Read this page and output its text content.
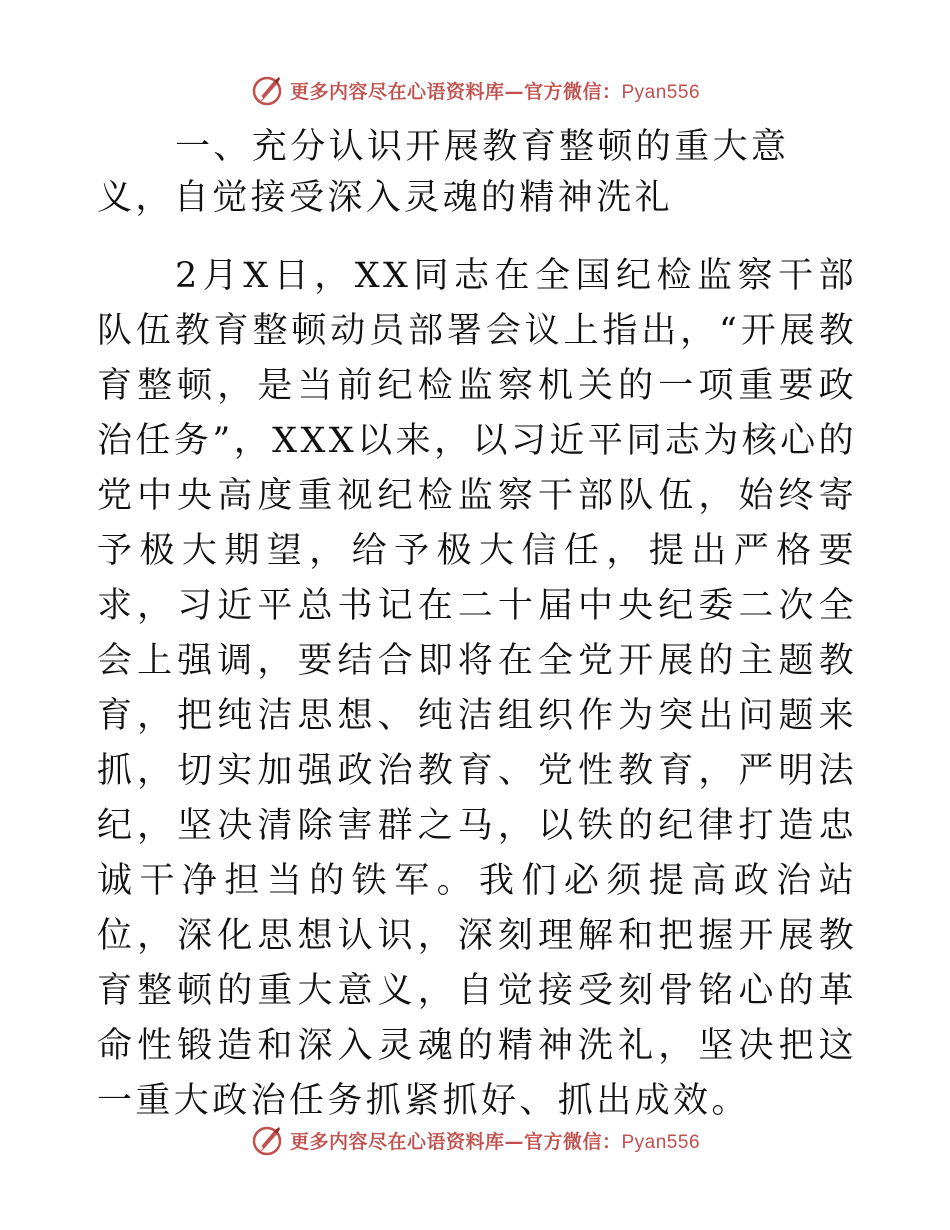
更多内容尽在心语资料库—官方微信：Pyan556

一、充分认识开展教育整顿的重大意义，自觉接受深入灵魂的精神洗礼

2月X日，XX同志在全国纪检监察干部队伍教育整顿动员部署会议上指出，“开展教育整顿，是当前纪检监察机关的一项重要政治任务”，XXX以来，以习近平同志为核心的党中央高度重视纪检监察干部队伍，始终寄予极大期望，给予极大信任，提出严格要求，习近平总书记在二十届中央纪委二次全会上强调，要结合即将在全党开展的主题教育，把纯洁思想、纯洁组织作为突出问题来抓，切实加强政治教育、党性教育，严明法纪，坚决清除害群之马，以铁的纪律打造忠诚干净担当的铁军。我们必须提高政治站位，深化思想认识，深刻理解和把握开展教育整顿的重大意义，自觉接受刻骨铭心的革命性锻造和深入灵魂的精神洗礼，坚决把这一重大政治任务抓紧抓好、抓出成效。

更多内容尽在心语资料库—官方微信：Pyan556
